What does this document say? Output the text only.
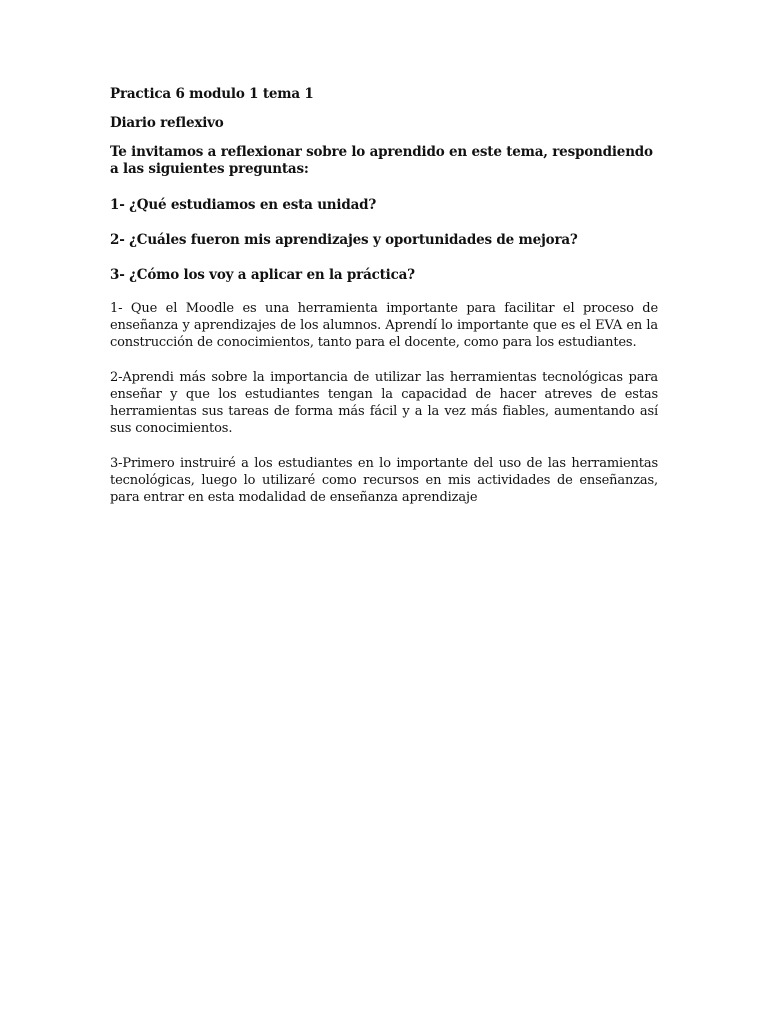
Practica 6 modulo 1 tema 1

Diario reflexivo

Te invitamos a reflexionar sobre lo aprendido en este tema, respondiendo a las siguientes preguntas:

1- ¿Qué estudiamos en esta unidad?

2- ¿Cuáles fueron mis aprendizajes y oportunidades de mejora?

3- ¿Cómo los voy a aplicar en la práctica?

1- Que el Moodle es una herramienta importante para facilitar el proceso de enseñanza y aprendizajes de los alumnos. Aprendí lo importante que es el EVA en la construcción de conocimientos, tanto para el docente, como para los estudiantes.

2-Aprendi más sobre la importancia de utilizar las herramientas tecnológicas para enseñar y que los estudiantes tengan la capacidad de hacer atreves de estas herramientas sus tareas de forma más fácil y a la vez más fiables, aumentando así sus conocimientos.

3-Primero instruiré a los estudiantes en lo importante del uso de las herramientas tecnológicas, luego lo utilizaré como recursos en mis actividades de enseñanzas, para entrar en esta modalidad de enseñanza aprendizaje
